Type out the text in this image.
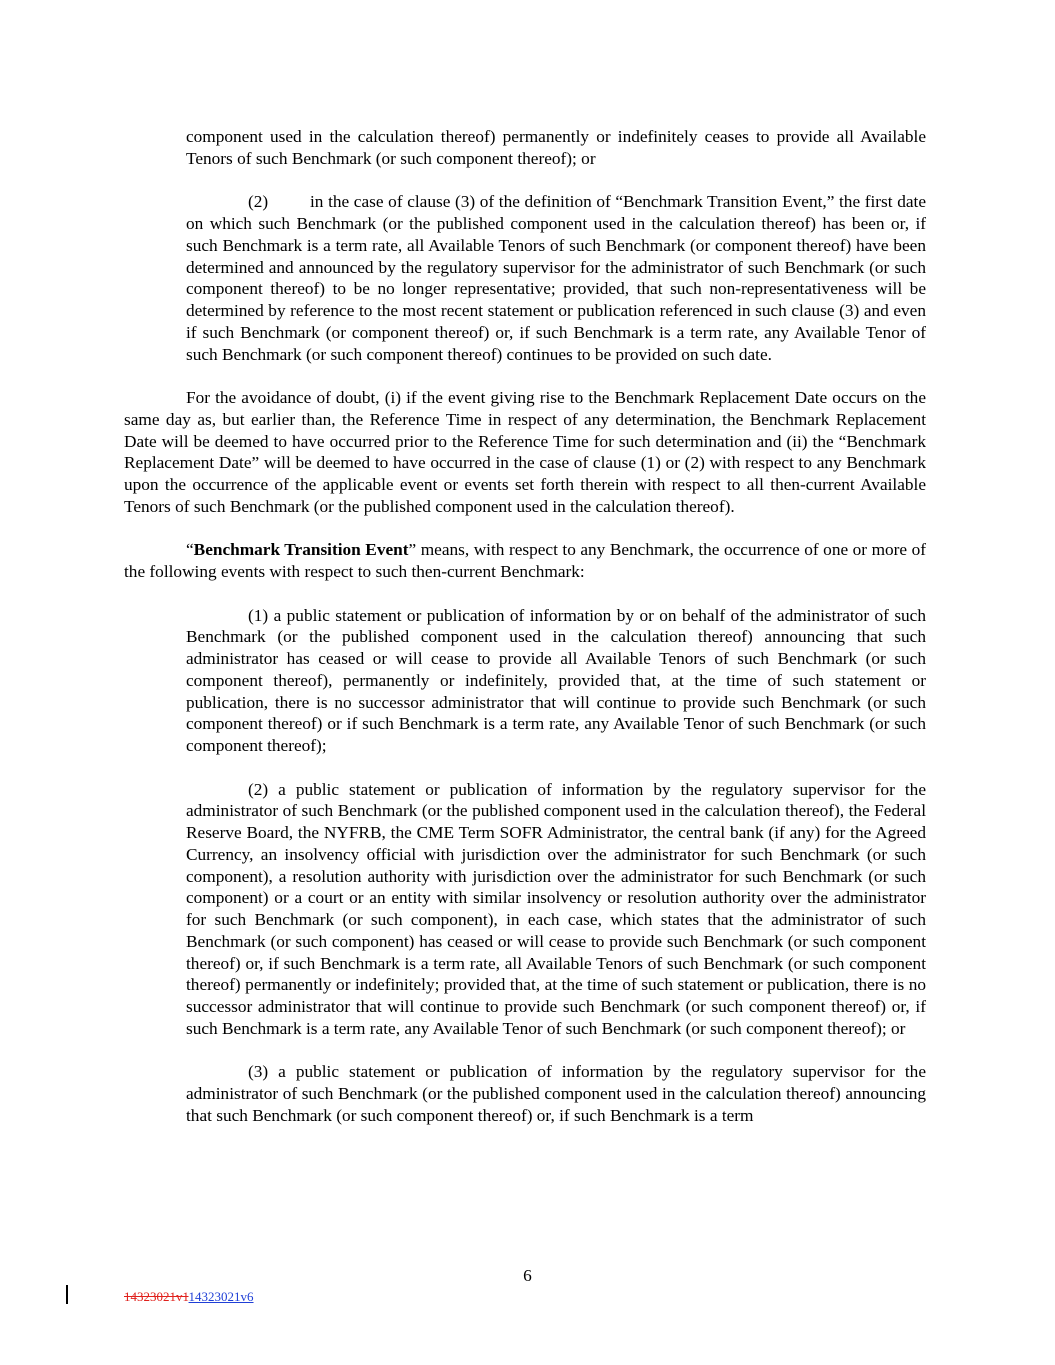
component used in the calculation thereof) permanently or indefinitely ceases to provide all Available Tenors of such Benchmark (or such component thereof); or

(2) in the case of clause (3) of the definition of “Benchmark Transition Event,” the first date on which such Benchmark (or the published component used in the calculation thereof) has been or, if such Benchmark is a term rate, all Available Tenors of such Benchmark (or component thereof) have been determined and announced by the regulatory supervisor for the administrator of such Benchmark (or such component thereof) to be no longer representative; provided, that such non-representativeness will be determined by reference to the most recent statement or publication referenced in such clause (3) and even if such Benchmark (or component thereof) or, if such Benchmark is a term rate, any Available Tenor of such Benchmark (or such component thereof) continues to be provided on such date.

For the avoidance of doubt, (i) if the event giving rise to the Benchmark Replacement Date occurs on the same day as, but earlier than, the Reference Time in respect of any determination, the Benchmark Replacement Date will be deemed to have occurred prior to the Reference Time for such determination and (ii) the “Benchmark Replacement Date” will be deemed to have occurred in the case of clause (1) or (2) with respect to any Benchmark upon the occurrence of the applicable event or events set forth therein with respect to all then-current Available Tenors of such Benchmark (or the published component used in the calculation thereof).

“Benchmark Transition Event” means, with respect to any Benchmark, the occurrence of one or more of the following events with respect to such then-current Benchmark:

(1) a public statement or publication of information by or on behalf of the administrator of such Benchmark (or the published component used in the calculation thereof) announcing that such administrator has ceased or will cease to provide all Available Tenors of such Benchmark (or such component thereof), permanently or indefinitely, provided that, at the time of such statement or publication, there is no successor administrator that will continue to provide such Benchmark (or such component thereof) or if such Benchmark is a term rate, any Available Tenor of such Benchmark (or such component thereof);

(2) a public statement or publication of information by the regulatory supervisor for the administrator of such Benchmark (or the published component used in the calculation thereof), the Federal Reserve Board, the NYFRB, the CME Term SOFR Administrator, the central bank (if any) for the Agreed Currency, an insolvency official with jurisdiction over the administrator for such Benchmark (or such component), a resolution authority with jurisdiction over the administrator for such Benchmark (or such component) or a court or an entity with similar insolvency or resolution authority over the administrator for such Benchmark (or such component), in each case, which states that the administrator of such Benchmark (or such component) has ceased or will cease to provide such Benchmark (or such component thereof) or, if such Benchmark is a term rate, all Available Tenors of such Benchmark (or such component thereof) permanently or indefinitely; provided that, at the time of such statement or publication, there is no successor administrator that will continue to provide such Benchmark (or such component thereof) or, if such Benchmark is a term rate, any Available Tenor of such Benchmark (or such component thereof); or

(3) a public statement or publication of information by the regulatory supervisor for the administrator of such Benchmark (or the published component used in the calculation thereof) announcing that such Benchmark (or such component thereof) or, if such Benchmark is a term

6
14323021v114323021v6
